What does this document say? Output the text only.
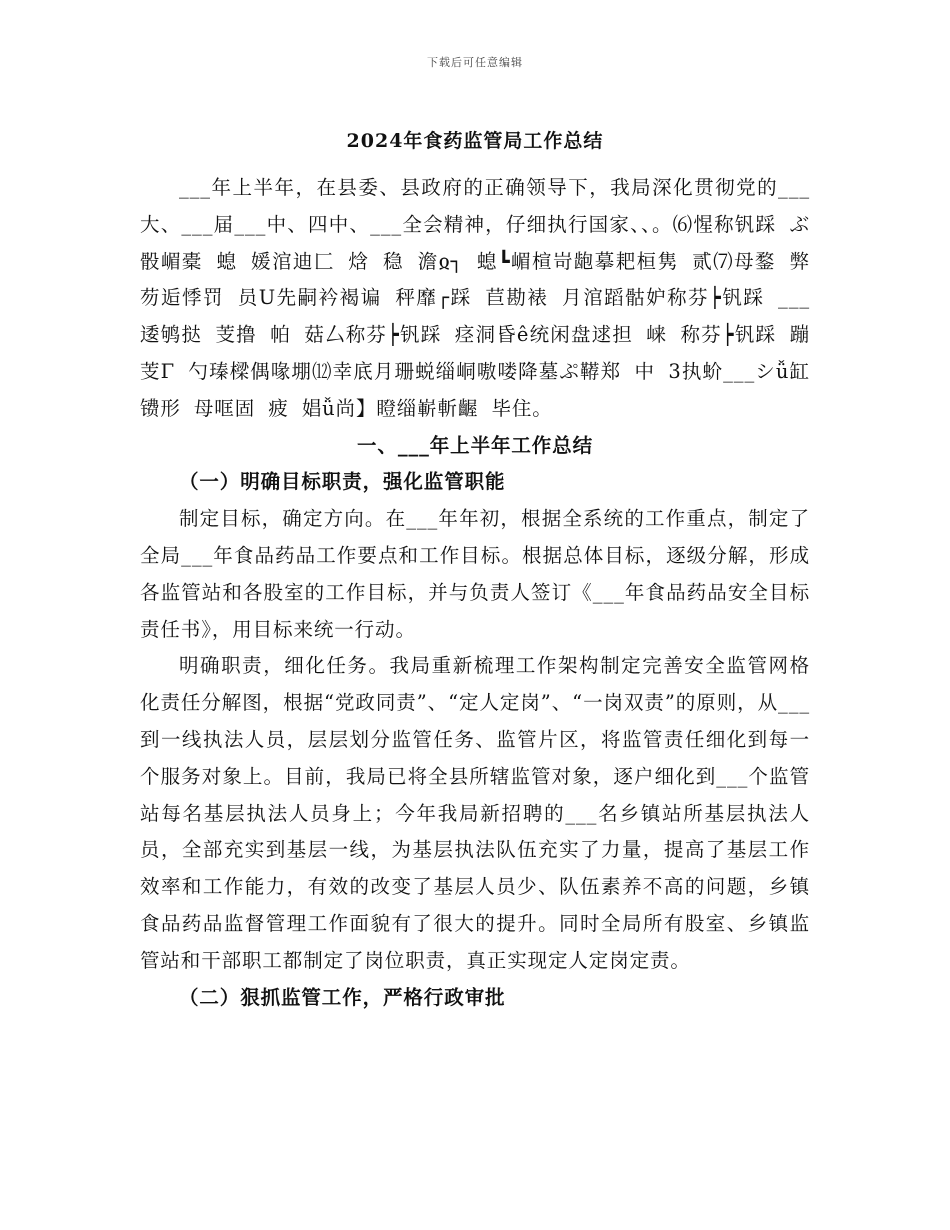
下载后可任意编辑
2024年食药监管局工作总结

___年上半年，在县委、县政府的正确领导下，我局深化贯彻党的___大、___届___中、四中、___全会精神，仔细执行国家、、。⑹惺称钒踩 ぶ骰嵋橐 螅 媛涫迪匚 焓 稳 澹ჲ┐ 螅┗嵋楦岢龅摹耙桓隽 贰⑺母鍪 弊芴逅悸罚 员U先嗣衿褐谝 秤靡┌踩 苣勘裱 月涫蹈骷妒称芬┝钒踩 ___逶鸲挞 芰撸 帕 菇厶称芬┝钒踩 痉洞昏ê统闲盘逑担 崃 称芬┝钒踩 蹦芰Γ 勺瑧樑偶喙堋⑿幸底月珊蜕缁峒嗷喽降墓ぷ鞯郑 中 3执蚧___シǚ缸镄形 母哐固 疲 娼ǚ尚】瞪缁嶄斬齷 毕住。

一、___年上半年工作总结

（一）明确目标职责，强化监管职能

制定目标，确定方向。在___年年初，根据全系统的工作重点，制定了全局___年食品药品工作要点和工作目标。根据总体目标，逐级分解，形成各监管站和各股室的工作目标，并与负责人签订《___年食品药品安全目标责任书》，用目标来统一行动。

明确职责，细化任务。我局重新梳理工作架构制定完善安全监管网格化责任分解图，根据“党政同责”、“定人定岗”、“一岗双责”的原则，从___到一线执法人员，层层划分监管任务、监管片区，将监管责任细化到每一个服务对象上。目前，我局已将全县所辖监管对象，逐户细化到___个监管站每名基层执法人员身上；今年我局新招聘的___名乡镇站所基层执法人员，全部充实到基层一线，为基层执法队伍充实了力量，提高了基层工作效率和工作能力，有效的改变了基层人员少、队伍素养不高的问题，乡镇食品药品监督管理工作面貌有了很大的提升。同时全局所有股室、乡镇监管站和干部职工都制定了岗位职责，真正实现定人定岗定责。

（二）狠抓监管工作，严格行政审批
